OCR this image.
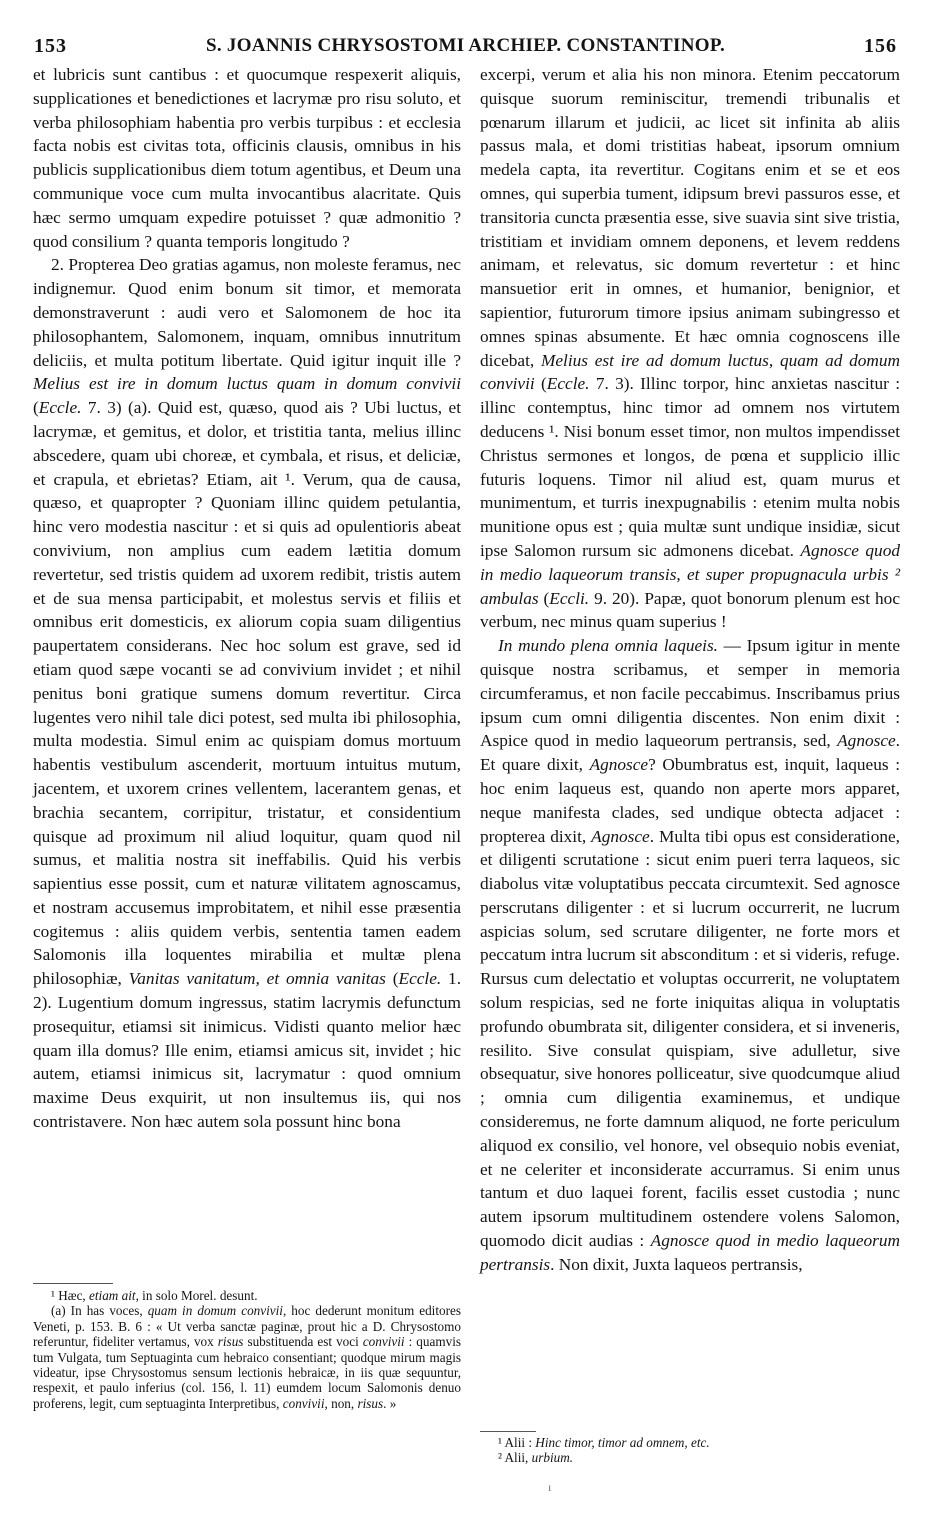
153	S. JOANNIS CHRYSOSTOMI ARCHIEP. CONSTANTINOP.	156

et lubricis sunt cantibus : et quocumque respexerit aliquis, supplicationes et benedictiones et lacrymæ pro risu soluto, et verba philosophiam habentia pro verbis turpibus : et ecclesia facta nobis est civitas tota, officinis clausis, omnibus in his publicis supplicationibus diem totum agentibus, et Deum una communique voce cum multa invocantibus alacritate. Quis hæc sermo umquam expedire potuisset ? quæ admonitio ? quod consilium ? quanta temporis longitudo ?

2. Propterea Deo gratias agamus, non moleste feramus, nec indignemur. Quod enim bonum sit timor, et memorata demonstraverunt : audi vero et Salomonem de hoc ita philosophantem, Salomonem, inquam, omnibus innutritum deliciis, et multa potitum libertate. Quid igitur inquit ille ? Melius est ire in domum luctus quam in domum convivii (Eccle. 7. 3) (a). Quid est, quæso, quod ais ? Ubi luctus, et lacrymæ, et gemitus, et dolor, et tristitia tanta, melius illinc abscedere, quam ubi choreæ, et cymbala, et risus, et deliciæ, et crapula, et ebrietas? Etiam, ait ¹. Verum, qua de causa, quæso, et quapropter ? Quoniam illinc quidem petulantia, hinc vero modestia nascitur : et si quis ad opulentioris abeat convivium, non amplius cum eadem lætitia domum revertetur, sed tristis quidem ad uxorem redibit, tristis autem et de sua mensa participabit, et molestus servis et filiis et omnibus erit domesticis, ex aliorum copia suam diligentius paupertatem considerans. Nec hoc solum est grave, sed id etiam quod sæpe vocanti se ad convivium invidet ; et nihil penitus boni gratique sumens domum revertitur. Circa lugentes vero nihil tale dici potest, sed multa ibi philosophia, multa modestia. Simul enim ac quispiam domus mortuum habentis vestibulum ascenderit, mortuum intuitus mutum, jacentem, et uxorem crines vellentem, lacerantem genas, et brachia secantem, corripitur, tristatur, et considentium quisque ad proximum nil aliud loquitur, quam quod nil sumus, et malitia nostra sit ineffabilis. Quid his verbis sapientius esse possit, cum et naturæ vilitatem agnoscamus, et nostram accusemus improbitatem, et nihil esse præsentia cogitemus : aliis quidem verbis, sententia tamen eadem Salomonis illa loquentes mirabilia et multæ plena philosophiæ, Vanitas vanitatum, et omnia vanitas (Eccle. 1. 2). Lugentium domum ingressus, statim lacrymis defunctum prosequitur, etiamsi sit inimicus. Vidisti quanto melior hæc quam illa domus? Ille enim, etiamsi amicus sit, invidet ; hic autem, etiamsi inimicus sit, lacrymatur : quod omnium maxime Deus exquirit, ut non insultemus iis, qui nos contristavere. Non hæc autem sola possunt hinc bona

¹ Hæc, etiam ait, in solo Morel. desunt.

(a) In has voces, quam in domum convivii, hoc dederunt monitum editores Veneti, p. 153. B. 6 : « Ut verba sanctæ paginæ, prout hic a D. Chrysostomo referuntur, fideliter vertamus, vox risus substituenda est voci convivii : quamvis tum Vulgata, tum Septuaginta cum hebraico consentiant; quodque mirum magis videatur, ipse Chrysostomus sensum lectionis hebraicæ, in iis quæ sequuntur, respexit, et paulo inferius (col. 156, l. 11) eumdem locum Salomonis denuo proferens, legit, cum septuaginta Interpretibus, convivii, non, risus. »

excerpi, verum et alia his non minora. Etenim peccatorum quisque suorum reminiscitur, tremendi tribunalis et pœnarum illarum et judicii, ac licet sit infinita ab aliis passus mala, et domi tristitias habeat, ipsorum omnium medela capta, ita revertitur. Cogitans enim et se et eos omnes, qui superbia tument, idipsum brevi passuros esse, et transitoria cuncta præsentia esse, sive suavia sint sive tristia, tristitiam et invidiam omnem deponens, et levem reddens animam, et relevatus, sic domum revertetur : et hinc mansuetior erit in omnes, et humanior, benignior, et sapientior, futurorum timore ipsius animam subingresso et omnes spinas absumente. Et hæc omnia cognoscens ille dicebat, Melius est ire ad domum luctus, quam ad domum convivii (Eccle. 7. 3). Illinc torpor, hinc anxietas nascitur : illinc contemptus, hinc timor ad omnem nos virtutem deducens ¹. Nisi bonum esset timor, non multos impendisset Christus sermones et longos, de pœna et supplicio illic futuris loquens. Timor nil aliud est, quam murus et munimentum, et turris inexpugnabilis : etenim multa nobis munitione opus est ; quia multæ sunt undique insidiæ, sicut ipse Salomon rursum sic admonens dicebat. Agnosce quod in medio laqueorum transis, et super propugnacula urbis ² ambulas (Eccli. 9. 20). Papæ, quot bonorum plenum est hoc verbum, nec minus quam superius !

In mundo plena omnia laqueis. — Ipsum igitur in mente quisque nostra scribamus, et semper in memoria circumferamus, et non facile peccabimus. Inscribamus prius ipsum cum omni diligentia discentes. Non enim dixit : Aspice quod in medio laqueorum pertransis, sed, Agnosce. Et quare dixit, Agnosce? Obumbratus est, inquit, laqueus : hoc enim laqueus est, quando non aperte mors apparet, neque manifesta clades, sed undique obtecta adjacet : propterea dixit, Agnosce. Multa tibi opus est consideratione, et diligenti scrutatione : sicut enim pueri terra laqueos, sic diabolus vitæ voluptatibus peccata circumtexit. Sed agnosce perscrutans diligenter : et si lucrum occurrerit, ne lucrum aspicias solum, sed scrutare diligenter, ne forte mors et peccatum intra lucrum sit absconditum : et si videris, refuge. Rursus cum delectatio et voluptas occurrerit, ne voluptatem solum respicias, sed ne forte iniquitas aliqua in voluptatis profundo obumbrata sit, diligenter considera, et si inveneris, resilito. Sive consulat quispiam, sive adulletur, sive obsequatur, sive honores polliceatur, sive quodcumque aliud ; omnia cum diligentia examinemus, et undique consideremus, ne forte damnum aliquod, ne forte periculum aliquod ex consilio, vel honore, vel obsequio nobis eveniat, et ne celeriter et inconsiderate accurramus. Si enim unus tantum et duo laquei forent, facilis esset custodia ; nunc autem ipsorum multitudinem ostendere volens Salomon, quomodo dicit audias : Agnosce quod in medio laqueorum pertransis. Non dixit, Juxta laqueos pertransis,

¹ Alii : Hinc timor, timor ad omnem, etc.

² Alii, urbium.

ı
